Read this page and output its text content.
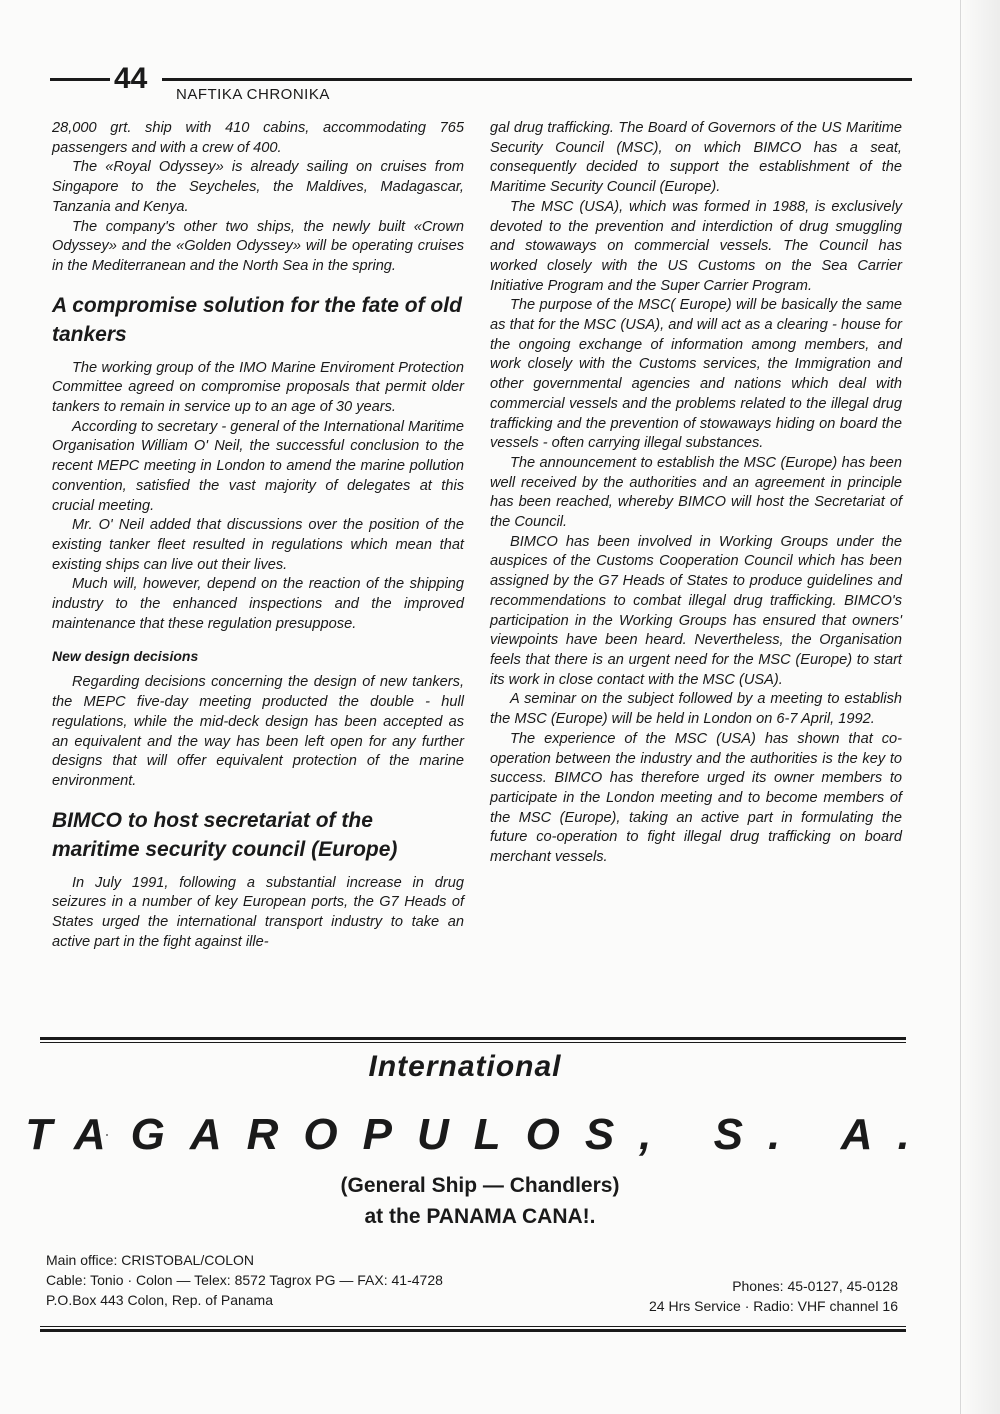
44 NAFTIKA CHRONIKA

28,000 grt. ship with 410 cabins, accommodating 765 passengers and with a crew of 400.

The «Royal Odyssey» is already sailing on cruises from Singapore to the Seycheles, the Maldives, Madagascar, Tanzania and Kenya.

The company's other two ships, the newly built «Crown Odyssey» and the «Golden Odyssey» will be operating cruises in the Mediterranean and the North Sea in the spring.

A compromise solution for the fate of old tankers

The working group of the IMO Marine Enviroment Protection Committee agreed on compromise proposals that permit older tankers to remain in service up to an age of 30 years.

According to secretary - general of the International Maritime Organisation William O' Neil, the successful conclusion to the recent MEPC meeting in London to amend the marine pollution convention, satisfied the vast majority of delegates at this crucial meeting.

Mr. O' Neil added that discussions over the position of the existing tanker fleet resulted in regulations which mean that existing ships can live out their lives.

Much will, however, depend on the reaction of the shipping industry to the enhanced inspections and the improved maintenance that these regulation presuppose.

New design decisions

Regarding decisions concerning the design of new tankers, the MEPC five-day meeting producted the double - hull regulations, while the mid-deck design has been accepted as an equivalent and the way has been left open for any further designs that will offer equivalent protection of the marine environment.

BIMCO to host secretariat of the maritime security council (Europe)

In July 1991, following a substantial increase in drug seizures in a number of key European ports, the G7 Heads of States urged the international transport industry to take an active part in the fight against ille-

gal drug trafficking. The Board of Governors of the US Maritime Security Council (MSC), on which BIMCO has a seat, consequently decided to support the establishment of the Maritime Security Council (Europe).

The MSC (USA), which was formed in 1988, is exclusively devoted to the prevention and interdiction of drug smuggling and stowaways on commercial vessels. The Council has worked closely with the US Customs on the Sea Carrier Initiative Program and the Super Carrier Program.

The purpose of the MSC( Europe) will be basically the same as that for the MSC (USA), and will act as a clearing - house for the ongoing exchange of information among members, and work closely with the Customs services, the Immigration and other governmental agencies and nations which deal with commercial vessels and the problems related to the illegal drug trafficking and the prevention of stowaways hiding on board the vessels - often carrying illegal substances.

The announcement to establish the MSC (Europe) has been well received by the authorities and an agreement in principle has been reached, whereby BIMCO will host the Secretariat of the Council.

BIMCO has been involved in Working Groups under the auspices of the Customs Cooperation Council which has been assigned by the G7 Heads of States to produce guidelines and recommendations to combat illegal drug trafficking. BIMCO's participation in the Working Groups has ensured that owners' viewpoints have been heard. Nevertheless, the Organisation feels that there is an urgent need for the MSC (Europe) to start its work in close contact with the MSC (USA).

A seminar on the subject followed by a meeting to establish the MSC (Europe) will be held in London on 6-7 April, 1992.

The experience of the MSC (USA) has shown that co-operation between the industry and the authorities is the key to success. BIMCO has therefore urged its owner members to participate in the London meeting and to become members of the MSC (Europe), taking an active part in formulating the future co-operation to fight illegal drug trafficking on board merchant vessels.

International
TAGAROPULOS, S. A.
(General Ship — Chandlers)
at the PANAMA CANA!.
Main office: CRISTOBAL/COLON
Cable: Tonio · Colon — Telex: 8572 Tagrox PG — FAX: 41-4728
P.O.Box 443 Colon, Rep. of Panama
Phones: 45-0127, 45-0128
24 Hrs Service · Radio: VHF channel 16
